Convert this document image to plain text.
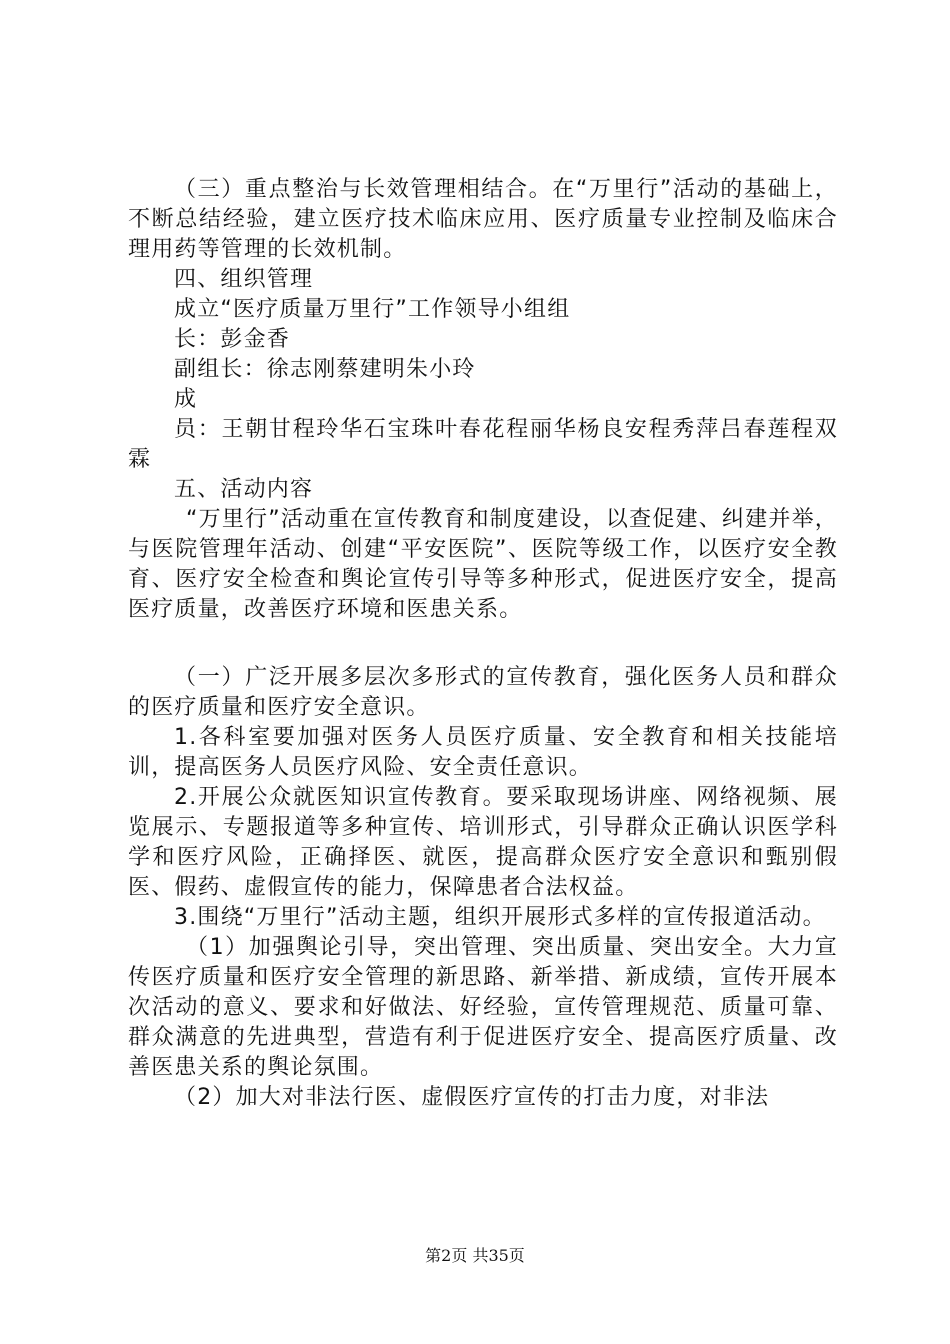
（三）重点整治与长效管理相结合。在“万里行”活动的基础上，不断总结经验，建立医疗技术临床应用、医疗质量专业控制及临床合理用药等管理的长效机制。

四、组织管理

成立“医疗质量万里行”工作领导小组组

长：彭金香

副组长：徐志刚蔡建明朱小玲

成

员：王朝甘程玲华石宝珠叶春花程丽华杨良安程秀萍吕春莲程双霖

五、活动内容

“万里行”活动重在宣传教育和制度建设，以查促建、纠建并举，与医院管理年活动、创建“平安医院”、医院等级工作，以医疗安全教育、医疗安全检查和舆论宣传引导等多种形式，促进医疗安全，提高医疗质量，改善医疗环境和医患关系。

（一）广泛开展多层次多形式的宣传教育，强化医务人员和群众的医疗质量和医疗安全意识。

1.各科室要加强对医务人员医疗质量、安全教育和相关技能培训，提高医务人员医疗风险、安全责任意识。

2.开展公众就医知识宣传教育。要采取现场讲座、网络视频、展览展示、专题报道等多种宣传、培训形式，引导群众正确认识医学科学和医疗风险，正确择医、就医，提高群众医疗安全意识和甄别假医、假药、虚假宣传的能力，保障患者合法权益。

3.围绕“万里行”活动主题，组织开展形式多样的宣传报道活动。

（1）加强舆论引导，突出管理、突出质量、突出安全。大力宣传医疗质量和医疗安全管理的新思路、新举措、新成绩，宣传开展本次活动的意义、要求和好做法、好经验，宣传管理规范、质量可靠、群众满意的先进典型，营造有利于促进医疗安全、提高医疗质量、改善医患关系的舆论氛围。

（2）加大对非法行医、虚假医疗宣传的打击力度，对非法

第2页 共35页
